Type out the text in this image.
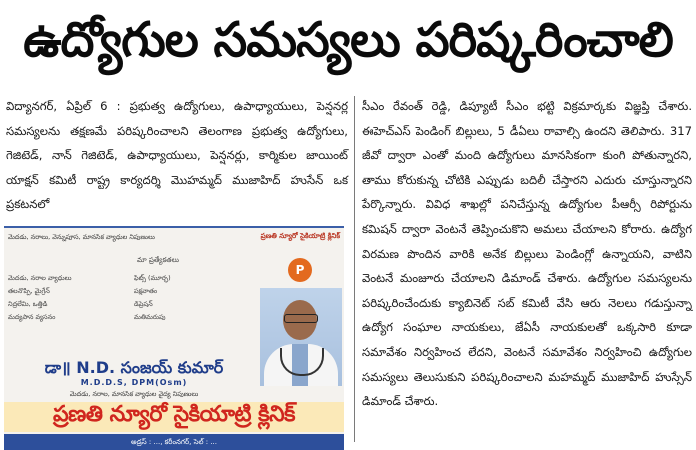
ఉద్యోగుల సమస్యలు పరిష్కరించాలి

విద్యానగర్, ఏప్రిల్ 6 : ప్రభుత్వ ఉద్యోగులు, ఉపాధ్యాయులు, పెన్షనర్ల సమస్యలను తక్షణమే పరిష్కరించాలని తెలంగాణ ప్రభుత్వ ఉద్యోగులు, గెజిటెడ్, నాన్ గెజిటెడ్, ఉపాధ్యాయులు, పెన్షనర్లు, కార్మికుల జాయింట్ యాక్షన్ కమిటీ రాష్ట్ర కార్యదర్శి మొహమ్మద్ ముజాహిద్ హుసేన్ ఒక ప్రకటనలో

సీఎం రేవంత్ రెడ్డి, డిప్యూటీ సీఎం భట్టి విక్రమార్కకు విజ్ఞప్తి చేశారు. ఈహెచ్ఎస్ పెండింగ్ బిల్లులు, 5 డీఏలు రావాల్సి ఉందని తెలిపారు. 317 జీవో ద్వారా ఎంతో మంది ఉద్యోగులు మానసికంగా కుంగి పోతున్నారని, తాము కోరుకున్న చోటికి ఎప్పుడు బదిలీ చేస్తారని ఎదురు చూస్తున్నారని పేర్కొన్నారు. వివిధ శాఖల్లో పనిచేస్తున్న ఉద్యోగుల పీఆర్సీ రిపోర్టును కమిషన్ ద్వారా వెంటనే తెప్పించుకొని అమలు చేయాలని కోరారు. ఉద్యోగ విరమణ పొందిన వారికి అనేక బిల్లులు పెండింగ్లో ఉన్నాయని, వాటిని వెంటనే మంజూరు చేయాలని డిమాండ్ చేశారు. ఉద్యోగుల సమస్యలను పరిష్కరించేందుకు క్యాబినెట్ సబ్ కమిటీ వేసి ఆరు నెలలు గడుస్తున్నా ఉద్యోగ సంఘాల నాయకులు, జేఏసీ నాయకులతో ఒక్కసారి కూడా సమావేశం నిర్వహించ లేదని, వెంటనే సమావేశం నిర్వహించి ఉద్యోగుల సమస్యలు తెలుసుకుని పరిష్కరించాలని మహమ్మద్ ముజాహిద్ హుస్సేన్ డిమాండ్ చేశారు.

మెదడు, నరాలు, వెన్నుపూస, మానసిక వ్యాధుల నిపుణులు	ప్రణతి న్యూరో సైకియాట్రి క్లినిక్
మా ప్రత్యేకతలు
మెదడు, నరాల వ్యాధులు	ఫిట్స్ (మూర్ఛ)
తలనొప్పి, మైగ్రేన్	పక్షవాతం
నిద్రలేమి, ఒత్తిడి	డిప్రెషన్
మద్యపాన వ్యసనం	మతిమరుపు
P
డా॥ N.D. సంజయ్ కుమార్
M.D.D.S, DPM(Osm)
మెదడు, నరాల, మానసిక వ్యాధుల వైద్య నిపుణులు
ప్రణతి న్యూరో సైకియాట్రి క్లినిక్
అడ్రస్ : ..., కరీంనగర్, సెల్ : ...
